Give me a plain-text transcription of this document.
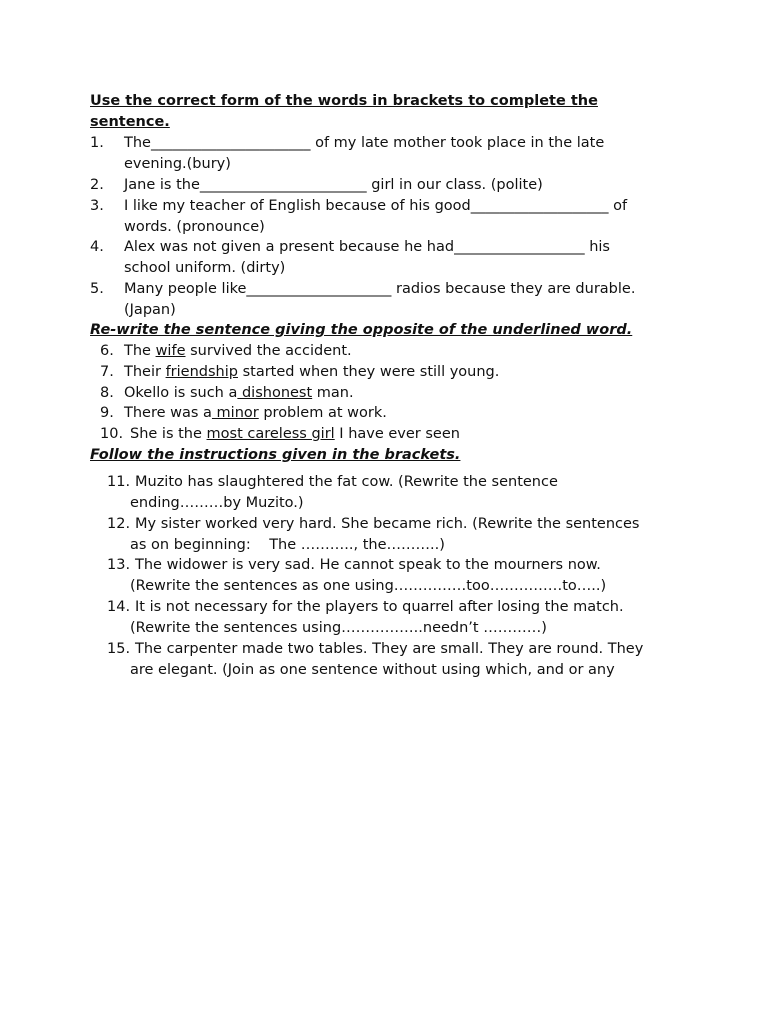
Use the correct form of the words in brackets to complete the
sentence.
1. The______________________ of my late mother took place in the late
evening.(bury)
2. Jane is the_______________________ girl in our class. (polite)
3. I like my teacher of English because of his good___________________ of
words. (pronounce)
4. Alex was not given a present because he had__________________ his
school uniform. (dirty)
5. Many people like____________________ radios because they are durable.
(Japan)
Re-write the sentence giving the opposite of the underlined word.
6. The wife survived the accident.
7. Their friendship started when they were still young.
8. Okello is such a dishonest man.
9. There was a minor problem at work.
10. She is the most careless girl I have ever seen
Follow the instructions given in the brackets.
11. Muzito has slaughtered the fat cow. (Rewrite the sentence
ending………by Muzito.)
12. My sister worked very hard. She became rich. (Rewrite the sentences
as on beginning:    The ……….., the………..)
13. The widower is very sad. He cannot speak to the mourners now.
(Rewrite the sentences as one using……………too……………to…..)
14. It is not necessary for the players to quarrel after losing the match.
(Rewrite the sentences using……………..needn’t …………)
15. The carpenter made two tables. They are small. They are round. They
are elegant. (Join as one sentence without using which, and or any
